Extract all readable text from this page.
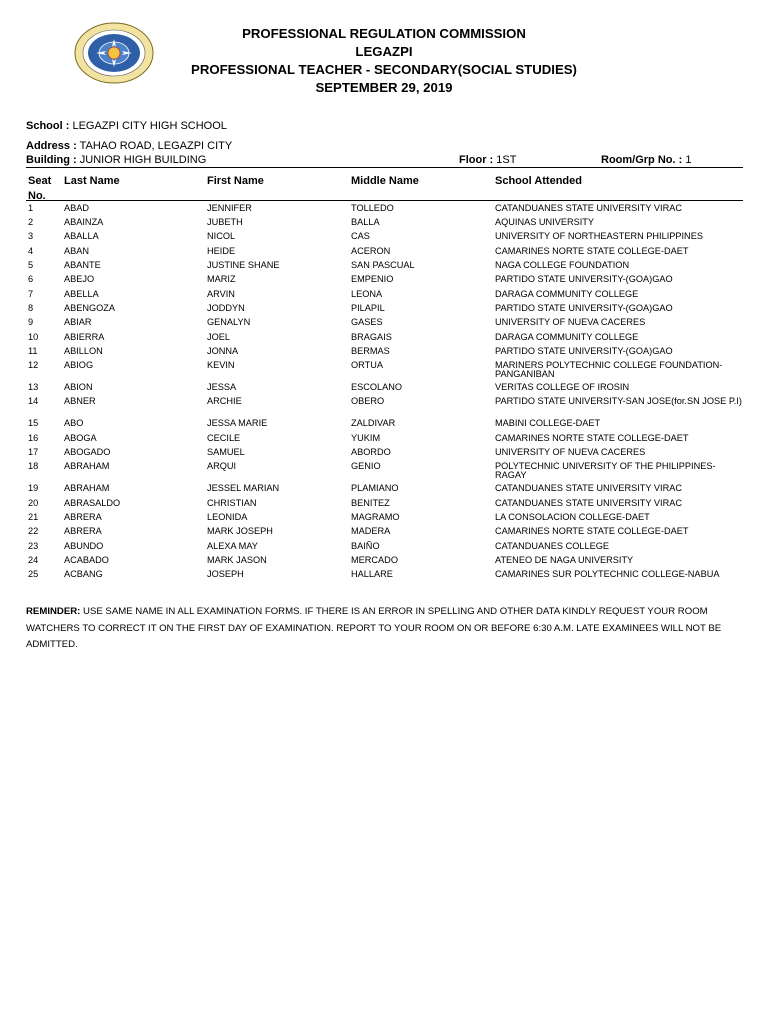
PROFESSIONAL REGULATION COMMISSION
LEGAZPI
PROFESSIONAL TEACHER - SECONDARY(SOCIAL STUDIES)
SEPTEMBER 29, 2019
School : LEGAZPI CITY HIGH SCHOOL
Address : TAHAO ROAD, LEGAZPI CITY
Building : JUNIOR HIGH BUILDING	Floor : 1ST	Room/Grp No. : 1
Seat
No.
Last Name	First Name	Middle Name	School Attended
1	ABAD	JENNIFER	TOLLEDO	CATANDUANES STATE UNIVERSITY VIRAC
2	ABAINZA	JUBETH	BALLA	AQUINAS UNIVERSITY
3	ABALLA	NICOL	CAS	UNIVERSITY OF NORTHEASTERN PHILIPPINES
4	ABAN	HEIDE	ACERON	CAMARINES NORTE STATE COLLEGE-DAET
5	ABANTE	JUSTINE SHANE	SAN PASCUAL	NAGA COLLEGE FOUNDATION
6	ABEJO	MARIZ	EMPENIO	PARTIDO STATE UNIVERSITY-(GOA)GAO
7	ABELLA	ARVIN	LEONA	DARAGA COMMUNITY COLLEGE
8	ABENGOZA	JODDYN	PILAPIL	PARTIDO STATE UNIVERSITY-(GOA)GAO
9	ABIAR	GENALYN	GASES	UNIVERSITY OF NUEVA CACERES
10	ABIERRA	JOEL	BRAGAIS	DARAGA COMMUNITY COLLEGE
11	ABILLON	JONNA	BERMAS	PARTIDO STATE UNIVERSITY-(GOA)GAO
12	ABIOG	KEVIN	ORTUA	MARINERS POLYTECHNIC COLLEGE FOUNDATION-PANGANIBAN
13	ABION	JESSA	ESCOLANO	VERITAS COLLEGE OF IROSIN
14	ABNER	ARCHIE	OBERO	PARTIDO STATE UNIVERSITY-SAN JOSE(for.SN JOSE P.I)
15	ABO	JESSA MARIE	ZALDIVAR	MABINI COLLEGE-DAET
16	ABOGA	CECILE	YUKIM	CAMARINES NORTE STATE COLLEGE-DAET
17	ABOGADO	SAMUEL	ABORDO	UNIVERSITY OF NUEVA CACERES
18	ABRAHAM	ARQUI	GENIO	POLYTECHNIC UNIVERSITY OF THE PHILIPPINES-RAGAY
19	ABRAHAM	JESSEL MARIAN	PLAMIANO	CATANDUANES STATE UNIVERSITY VIRAC
20	ABRASALDO	CHRISTIAN	BENITEZ	CATANDUANES STATE UNIVERSITY VIRAC
21	ABRERA	LEONIDA	MAGRAMO	LA CONSOLACION COLLEGE-DAET
22	ABRERA	MARK JOSEPH	MADERA	CAMARINES NORTE STATE COLLEGE-DAET
23	ABUNDO	ALEXA MAY	BAIÑO	CATANDUANES COLLEGE
24	ACABADO	MARK JASON	MERCADO	ATENEO DE NAGA UNIVERSITY
25	ACBANG	JOSEPH	HALLARE	CAMARINES SUR POLYTECHNIC COLLEGE-NABUA
REMINDER: USE SAME NAME IN ALL EXAMINATION FORMS. IF THERE IS AN ERROR IN SPELLING AND OTHER DATA KINDLY REQUEST YOUR ROOM WATCHERS TO CORRECT IT ON THE FIRST DAY OF EXAMINATION. REPORT TO YOUR ROOM ON OR BEFORE 6:30 A.M. LATE EXAMINEES WILL NOT BE ADMITTED.
